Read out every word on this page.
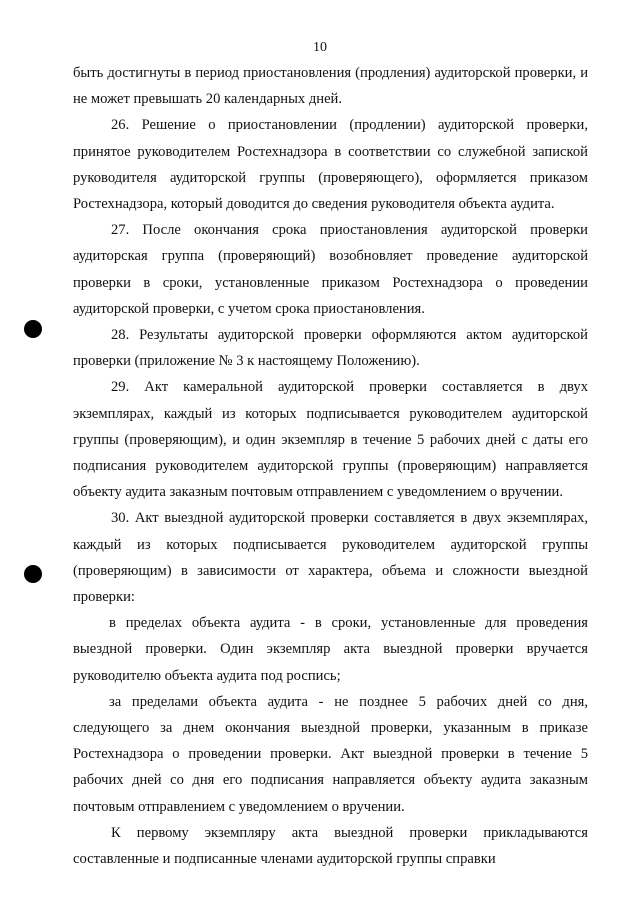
10

быть достигнуты в период приостановления (продления) аудиторской проверки, и не может превышать 20 календарных дней.

26. Решение о приостановлении (продлении) аудиторской проверки, принятое руководителем Ростехнадзора в соответствии со служебной запиской руководителя аудиторской группы (проверяющего), оформляется приказом Ростехнадзора, который доводится до сведения руководителя объекта аудита.

27. После окончания срока приостановления аудиторской проверки аудиторская группа (проверяющий) возобновляет проведение аудиторской проверки в сроки, установленные приказом Ростехнадзора о проведении аудиторской проверки, с учетом срока приостановления.

28. Результаты аудиторской проверки оформляются актом аудиторской проверки (приложение № 3 к настоящему Положению).

29. Акт камеральной аудиторской проверки составляется в двух экземплярах, каждый из которых подписывается руководителем аудиторской группы (проверяющим), и один экземпляр в течение 5 рабочих дней с даты его подписания руководителем аудиторской группы (проверяющим) направляется объекту аудита заказным почтовым отправлением с уведомлением о вручении.

30. Акт выездной аудиторской проверки составляется в двух экземплярах, каждый из которых подписывается руководителем аудиторской группы (проверяющим) в зависимости от характера, объема и сложности выездной проверки:

в пределах объекта аудита - в сроки, установленные для проведения выездной проверки. Один экземпляр акта выездной проверки вручается руководителю объекта аудита под роспись;

за пределами объекта аудита - не позднее 5 рабочих дней со дня, следующего за днем окончания выездной проверки, указанным в приказе Ростехнадзора о проведении проверки. Акт выездной проверки в течение 5 рабочих дней со дня его подписания направляется объекту аудита заказным почтовым отправлением с уведомлением о вручении.

К первому экземпляру акта выездной проверки прикладываются составленные и подписанные членами аудиторской группы справки
